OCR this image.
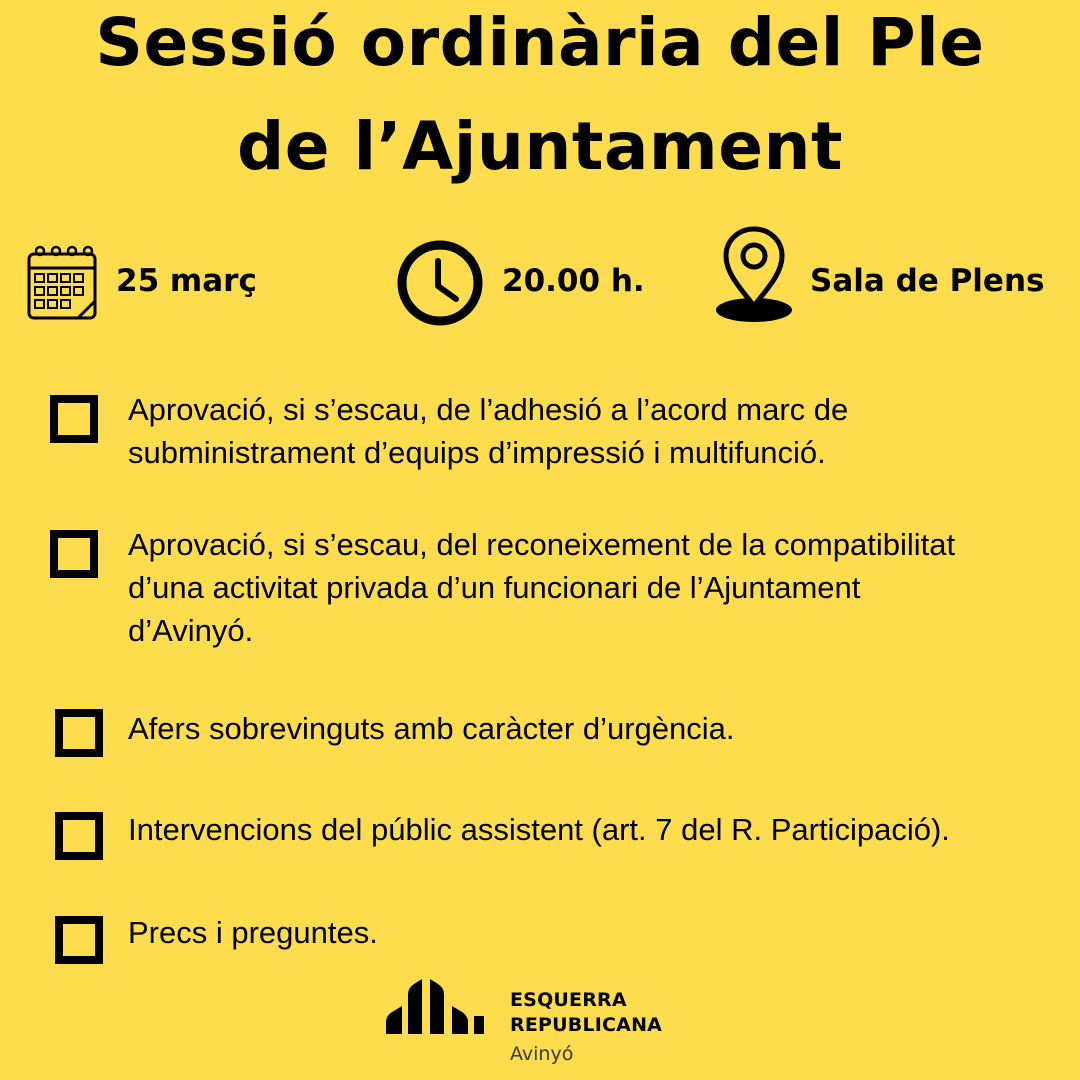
Sessió ordinària del Ple
de l’Ajuntament
25 març	20.00 h.	Sala de Plens

Aprovació, si s’escau, de l’adhesió a l’acord marc de
subministrament d’equips d’impressió i multifunció.

Aprovació, si s’escau, del reconeixement de la compatibilitat
d’una activitat privada d’un funcionari de l’Ajuntament
d’Avinyó.

Afers sobrevinguts amb caràcter d’urgència.

Intervencions del públic assistent (art. 7 del R. Participació).

Precs i preguntes.

ESQUERRA
REPUBLICANA
Avinyó
